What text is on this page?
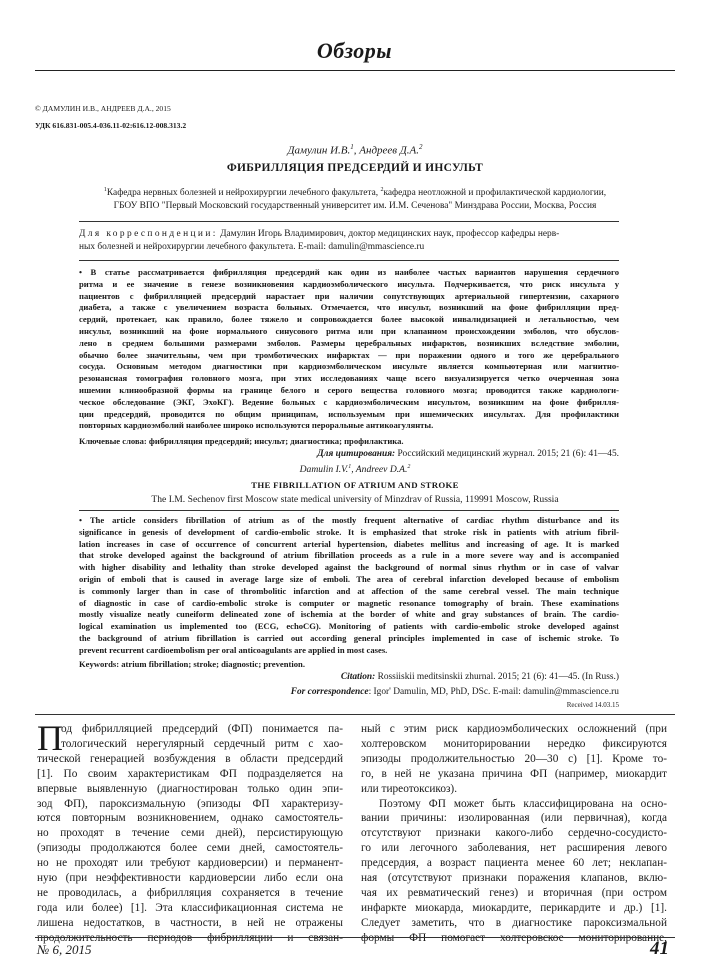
Обзоры
© ДАМУЛИН И.В., АНДРЕЕВ Д.А., 2015
УДК 616.831-005.4-036.11-02:616.12-008.313.2
Дамулин И.В.$^1$, Андреев Д.А.$^2$
ФИБРИЛЛЯЦИЯ ПРЕДСЕРДИЙ И ИНСУЛЬТ
$^1$Кафедра нервных болезней и нейрохирургии лечебного факультета, $^2$кафедра неотложной и профилактической кардиологии,
ГБОУ ВПО "Первый Московский государственный университет им. И.М. Сеченова" Минздрава России, Москва, Россия
Для корреспонденции: Дамулин Игорь Владимирович, доктор медицинских наук, профессор кафедры нерв-
ных болезней и нейрохирургии лечебного факультета. E-mail: damulin@mmascience.ru
• В статье рассматривается фибрилляция предсердий как один из наиболее частых вариантов нарушения сердечного
ритма и ее значение в генезе возникновения кардиоэмболического инсульта. Подчеркивается, что риск инсульта у
пациентов с фибрилляцией предсердий нарастает при наличии сопутствующих артериальной гипертензии, сахарного
диабета, а также с увеличением возраста больных. Отмечается, что инсульт, возникший на фоне фибрилляции пред-
сердий, протекает, как правило, более тяжело и сопровождается более высокой инвалидизацией и летальностью, чем
инсульт, возникший на фоне нормального синусового ритма или при клапанном происхождении эмболов, что обуслов-
лено в среднем большими размерами эмболов. Размеры церебральных инфарктов, возникших вследствие эмболии,
обычно более значительны, чем при тромботических инфарктах — при поражении одного и того же церебрального
сосуда. Основным методом диагностики при кардиоэмболическом инсульте является компьютерная или магнитно-
резонансная томография головного мозга, при этих исследованиях чаще всего визуализируется четко очерченная зона
ишемии клинообразной формы на границе белого и серого вещества головного мозга; проводится также кардиологи-
ческое обследование (ЭКГ, ЭхоКГ). Ведение больных с кардиоэмболическим инсультом, возникшим на фоне фибрилля-
ции предсердий, проводится по общим принципам, используемым при ишемических инсультах. Для профилактики
повторных кардиоэмболий наиболее широко используются пероральные антикоагулянты.
Ключевые слова: фибрилляция предсердий; инсульт; диагностика; профилактика.
Для цитирования: Российский медицинский журнал. 2015; 21 (6): 41—45.
Damulin I.V.$^1$, Andreev D.A.$^2$
THE FIBRILLATION OF ATRIUM AND STROKE
The I.M. Sechenov first Moscow state medical university of Minzdrav of Russia, 119991 Moscow, Russia
• The article considers fibrillation of atrium as of the mostly frequent alternative of cardiac rhythm disturbance and its
significance in genesis of development of cardio-embolic stroke. It is emphasized that stroke risk in patients with atrium fibril-
lation increases in case of occurrence of concurrent arterial hypertension, diabetes mellitus and increasing of age. It is marked
that stroke developed against the background of atrium fibrillation proceeds as a rule in a more severe way and is accompanied
with higher disability and lethality than stroke developed against the background of normal sinus rhythm or in case of valvar
origin of emboli that is caused in average large size of emboli. The area of cerebral infarction developed because of embolism
is commonly larger than in case of thrombolitic infarction and at affection of the same cerebral vessel. The main technique
of diagnostic in case of cardio-embolic stroke is computer or magnetic resonance tomography of brain. These examinations
mostly visualize neatly cuneiform delineated zone of ischemia at the border of white and gray substances of brain. The cardio-
logical examination us implemented too (ECG, echoCG). Monitoring of patients with cardio-embolic stroke developed against
the background of atrium fibrillation is carried out according general principles implemented in case of ischemic stroke. To
prevent recurrent cardioembolism per oral anticoagulants are applied in most cases.
Keywords: atrium fibrillation; stroke; diagnostic; prevention.
Citation: Rossiiskii meditsinskii zhurnal. 2015; 21 (6): 41—45. (In Russ.)
For correspondence: Igor' Damulin, MD, PhD, DSc. E-mail: damulin@mmascience.ru
Received 14.03.15
П
од фибрилляцией предсердий (ФП) понимается па-
тологический нерегулярный сердечный ритм с хао-
тической генерацией возбуждения в области предсердий
[1]. По своим характеристикам ФП подразделяется на
впервые выявленную (диагностирован только один эпи-
зод ФП), пароксизмальную (эпизоды ФП характеризу-
ются повторным возникновением, однако самостоятель-
но проходят в течение семи дней), персистирующую
(эпизоды продолжаются более семи дней, самостоятель-
но не проходят или требуют кардиоверсии) и перманент-
ную (при неэффективности кардиоверсии либо если она
не проводилась, а фибрилляция сохраняется в течение
года или более) [1]. Эта классификационная система не
лишена недостатков, в частности, в ней не отражены
продолжительность периодов фибрилляции и связан-
ный с этим риск кардиоэмболических осложнений (при
холтеровском мониторировании нередко фиксируются
эпизоды продолжительностью 20—30 с) [1]. Кроме то-
го, в ней не указана причина ФП (например, миокардит
или тиреотоксикоз).
Поэтому ФП может быть классифицирована на осно-
вании причины: изолированная (или первичная), когда
отсутствуют признаки какого-либо сердечно-сосудисто-
го или легочного заболевания, нет расширения левого
предсердия, а возраст пациента менее 60 лет; неклапан-
ная (отсутствуют признаки поражения клапанов, вклю-
чая их ревматический генез) и вторичная (при остром
инфаркте миокарда, миокардите, перикардите и др.) [1].
Следует заметить, что в диагностике пароксизмальной
формы ФП помогает холтеровское мониторирование,
№ 6, 2015	41
